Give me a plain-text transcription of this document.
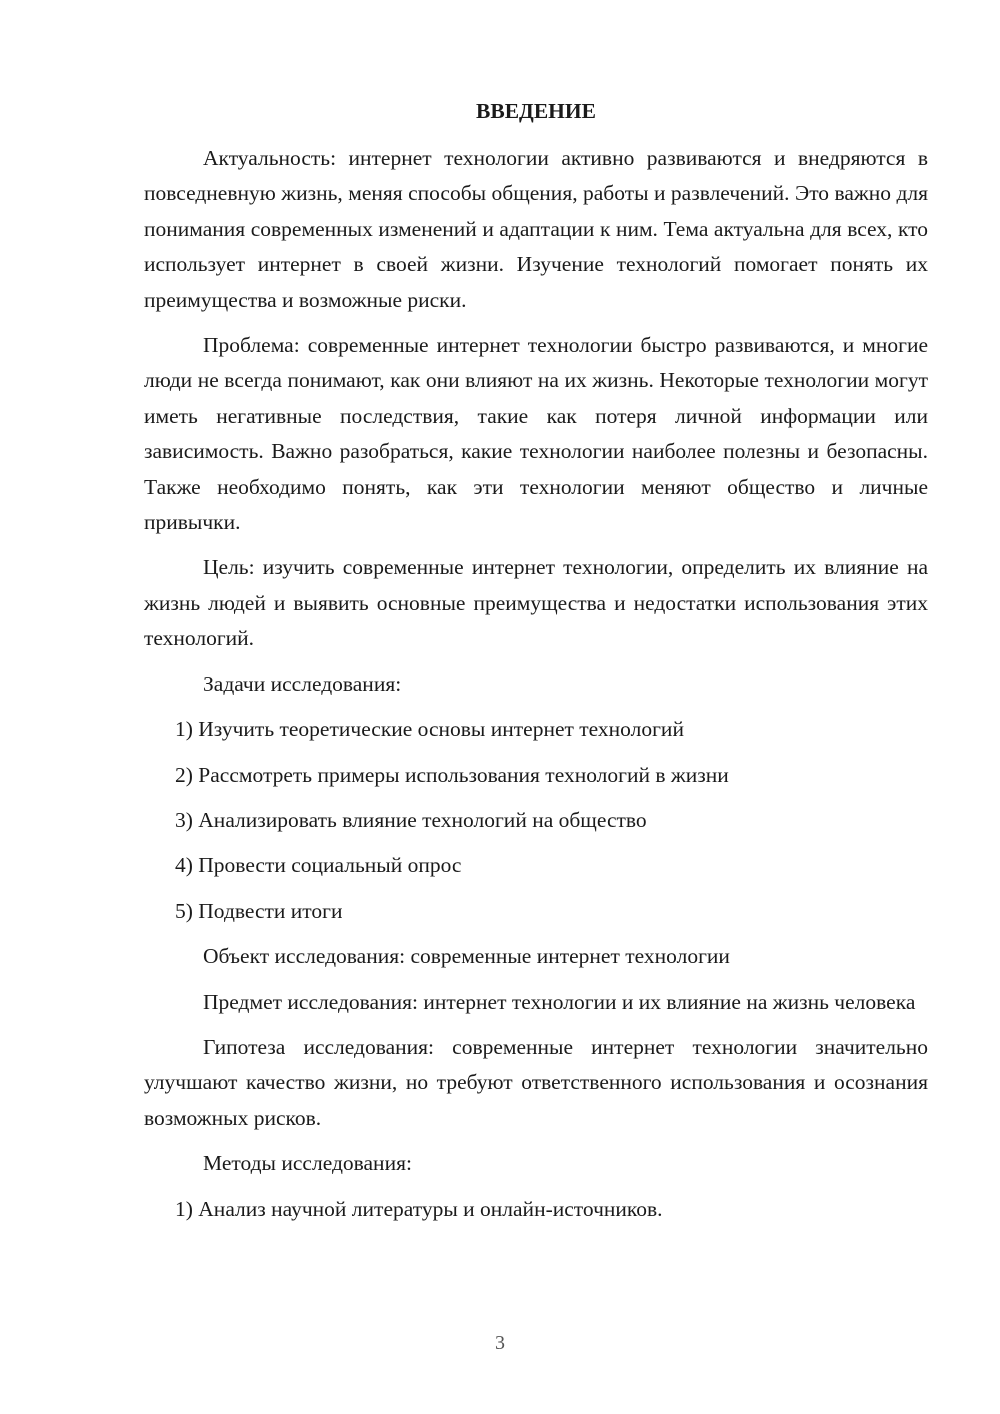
ВВЕДЕНИЕ

Актуальность: интернет технологии активно развиваются и внедряются в повседневную жизнь, меняя способы общения, работы и развлечений. Это важно для понимания современных изменений и адаптации к ним. Тема актуальна для всех, кто использует интернет в своей жизни. Изучение технологий помогает понять их преимущества и возможные риски.

Проблема: современные интернет технологии быстро развиваются, и многие люди не всегда понимают, как они влияют на их жизнь. Некоторые технологии могут иметь негативные последствия, такие как потеря личной информации или зависимость. Важно разобраться, какие технологии наиболее полезны и безопасны. Также необходимо понять, как эти технологии меняют общество и личные привычки.

Цель: изучить современные интернет технологии, определить их влияние на жизнь людей и выявить основные преимущества и недостатки использования этих технологий.

Задачи исследования:

1) Изучить теоретические основы интернет технологий

2) Рассмотреть примеры использования технологий в жизни

3) Анализировать влияние технологий на общество

4) Провести социальный опрос

5) Подвести итоги

Объект исследования: современные интернет технологии

Предмет исследования: интернет технологии и их влияние на жизнь человека

Гипотеза исследования: современные интернет технологии значительно улучшают качество жизни, но требуют ответственного использования и осознания возможных рисков.

Методы исследования:

1) Анализ научной литературы и онлайн-источников.

3
